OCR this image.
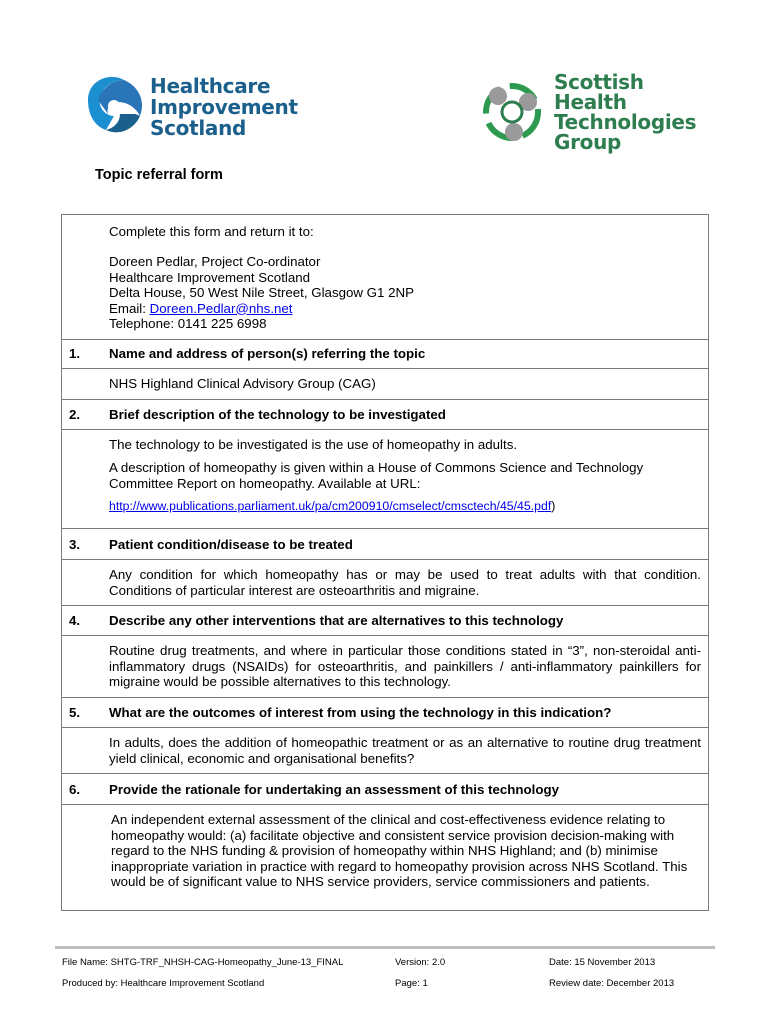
Healthcare
Improvement
Scotland
Scottish
Health
Technologies
Group
Topic referral form
Complete this form and return it to:
Doreen Pedlar, Project Co-ordinator
Healthcare Improvement Scotland
Delta House, 50 West Nile Street, Glasgow G1 2NP
Email: Doreen.Pedlar@nhs.net
Telephone: 0141 225 6998
1. Name and address of person(s) referring the topic
NHS Highland Clinical Advisory Group (CAG)
2. Brief description of the technology to be investigated
The technology to be investigated is the use of homeopathy in adults.
A description of homeopathy is given within a House of Commons Science and Technology Committee Report on homeopathy. Available at URL:
http://www.publications.parliament.uk/pa/cm200910/cmselect/cmsctech/45/45.pdf)
3. Patient condition/disease to be treated
Any condition for which homeopathy has or may be used to treat adults with that condition. Conditions of particular interest are osteoarthritis and migraine.
4. Describe any other interventions that are alternatives to this technology
Routine drug treatments, and where in particular those conditions stated in “3”, non-steroidal anti-inflammatory drugs (NSAIDs) for osteoarthritis, and painkillers / anti-inflammatory painkillers for migraine would be possible alternatives to this technology.
5. What are the outcomes of interest from using the technology in this indication?
In adults, does the addition of homeopathic treatment or as an alternative to routine drug treatment yield clinical, economic and organisational benefits?
6. Provide the rationale for undertaking an assessment of this technology
An independent external assessment of the clinical and cost-effectiveness evidence relating to homeopathy would: (a) facilitate objective and consistent service provision decision-making with regard to the NHS funding & provision of homeopathy within NHS Highland; and (b) minimise inappropriate variation in practice with regard to homeopathy provision across NHS Scotland. This would be of significant value to NHS service providers, service commissioners and patients.
File Name: SHTG-TRF_NHSH-CAG-Homeopathy_June-13_FINAL	Version: 2.0	Date: 15 November 2013
Produced by: Healthcare Improvement Scotland	Page: 1	Review date: December 2013
